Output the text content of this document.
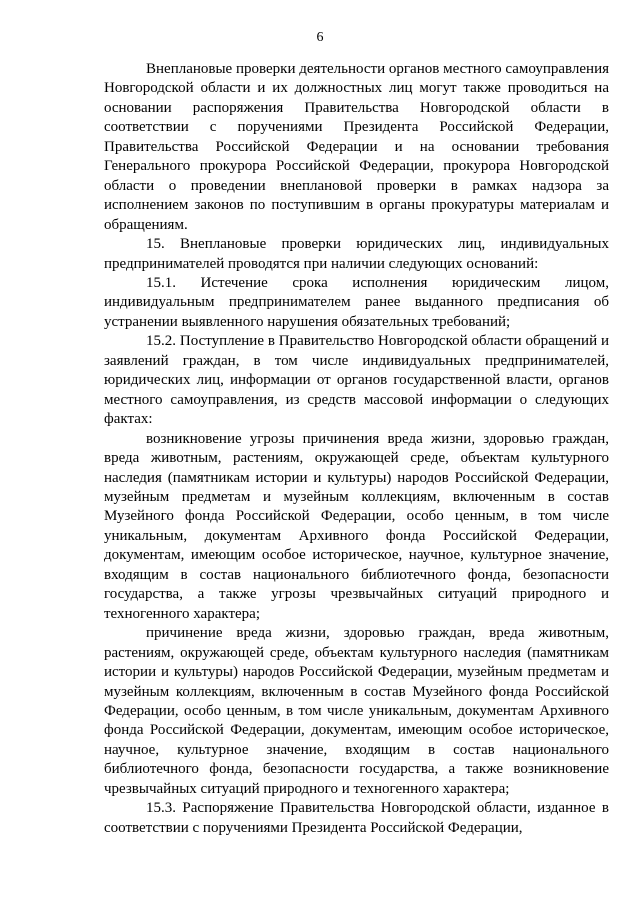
6

Внеплановые проверки деятельности органов местного самоуправления Новгородской области и их должностных лиц могут также проводиться на основании распоряжения Правительства Новгородской области в соответствии с поручениями Президента Российской Федерации, Правительства Российской Федерации и на основании требования Генерального прокурора Российской Федерации, прокурора Новгородской области о проведении внеплановой проверки в рамках надзора за исполнением законов по поступившим в органы прокуратуры материалам и обращениям.

15. Внеплановые проверки юридических лиц, индивидуальных предпринимателей проводятся при наличии следующих оснований:

15.1. Истечение срока исполнения юридическим лицом, индивидуальным предпринимателем ранее выданного предписания об устранении выявленного нарушения обязательных требований;

15.2. Поступление в Правительство Новгородской области обращений и заявлений граждан, в том числе индивидуальных предпринимателей, юридических лиц, информации от органов государственной власти, органов местного самоуправления, из средств массовой информации о следующих фактах:

возникновение угрозы причинения вреда жизни, здоровью граждан, вреда животным, растениям, окружающей среде, объектам культурного наследия (памятникам истории и культуры) народов Российской Федерации, музейным предметам и музейным коллекциям, включенным в состав Музейного фонда Российской Федерации, особо ценным, в том числе уникальным, документам Архивного фонда Российской Федерации, документам, имеющим особое историческое, научное, культурное значение, входящим в состав национального библиотечного фонда, безопасности государства, а также угрозы чрезвычайных ситуаций природного и техногенного характера;

причинение вреда жизни, здоровью граждан, вреда животным, растениям, окружающей среде, объектам культурного наследия (памятникам истории и культуры) народов Российской Федерации, музейным предметам и музейным коллекциям, включенным в состав Музейного фонда Российской Федерации, особо ценным, в том числе уникальным, документам Архивного фонда Российской Федерации, документам, имеющим особое историческое, научное, культурное значение, входящим в состав национального библиотечного фонда, безопасности государства, а также возникновение чрезвычайных ситуаций природного и техногенного характера;

15.3. Распоряжение Правительства Новгородской области, изданное в соответствии с поручениями Президента Российской Федерации,
